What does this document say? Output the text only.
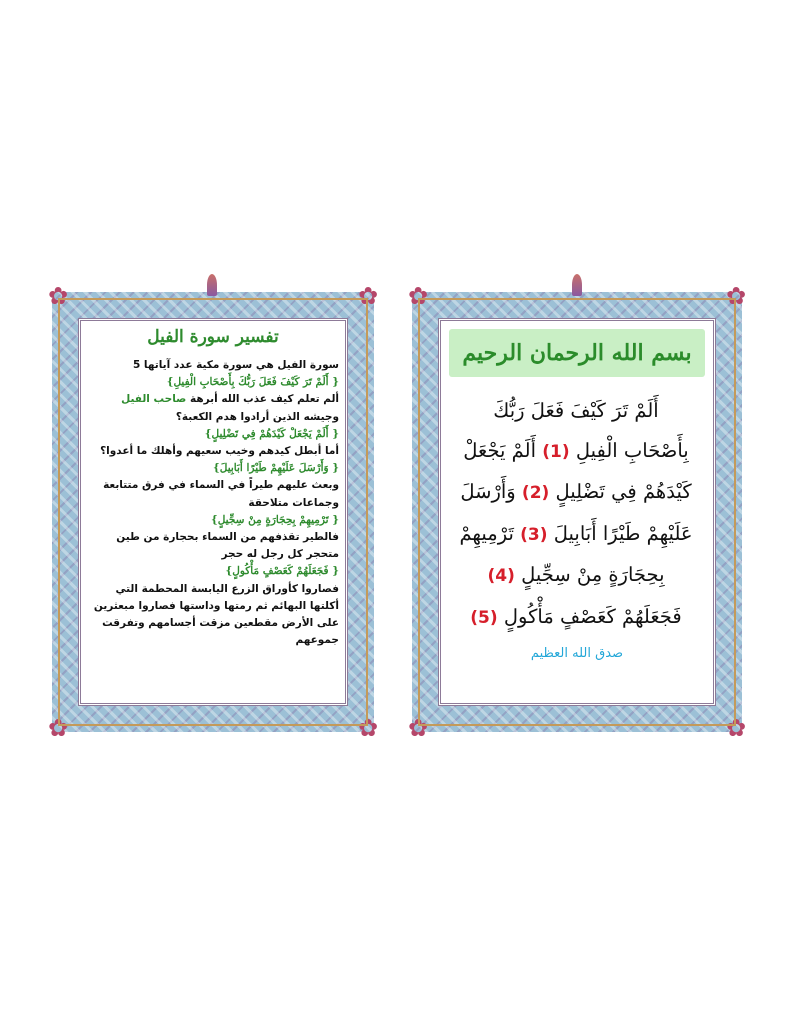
✿	✿
✿	✿
تفسير سورة الفيل

سورة الفيل هي سورة مكية عدد آياتها 5

{ أَلَمْ تَرَ كَيْفَ فَعَلَ رَبُّكَ بِأَصْحَابِ الْفِيلِ}

ألم تعلم كيف عذب الله أبرهة صاحب الفيل وجيشه الذين أرادوا هدم الكعبة؟

{ أَلَمْ يَجْعَلْ كَيْدَهُمْ فِي تَضْلِيلٍ}

أما أبطل كيدهم وخيب سعيهم وأهلك ما أعدوا؟

{ وَأَرْسَلَ عَلَيْهِمْ طَيْرًا أَبَابِيلَ}

وبعث عليهم طيراً في السماء في فرق متتابعة وجماعات متلاحقة

{ تَرْمِيهِمْ بِحِجَارَةٍ مِنْ سِجِّيلٍ}

فالطير تقذفهم من السماء بحجارة من طين متحجر كل رجل له حجر

{ فَجَعَلَهُمْ كَعَصْفٍ مَأْكُولٍ}

فصاروا كأوراق الزرع اليابسة المحطمة التي أكلتها البهائم ثم رمتها وداستها فصاروا مبعثرين على الأرض مقطعين مزقت أجسامهم وتفرقت جموعهم

✿	✿
✿	✿
بسم الله الرحمان الرحيم

أَلَمْ تَرَ كَيْفَ فَعَلَ رَبُّكَ

بِأَصْحَابِ الْفِيلِ (1) أَلَمْ يَجْعَلْ

كَيْدَهُمْ فِي تَضْلِيلٍ (2) وَأَرْسَلَ

عَلَيْهِمْ طَيْرًا أَبَابِيلَ (3) تَرْمِيهِمْ

بِحِجَارَةٍ مِنْ سِجِّيلٍ (4)

فَجَعَلَهُمْ كَعَصْفٍ مَأْكُولٍ (5)

صدق الله العظيم
